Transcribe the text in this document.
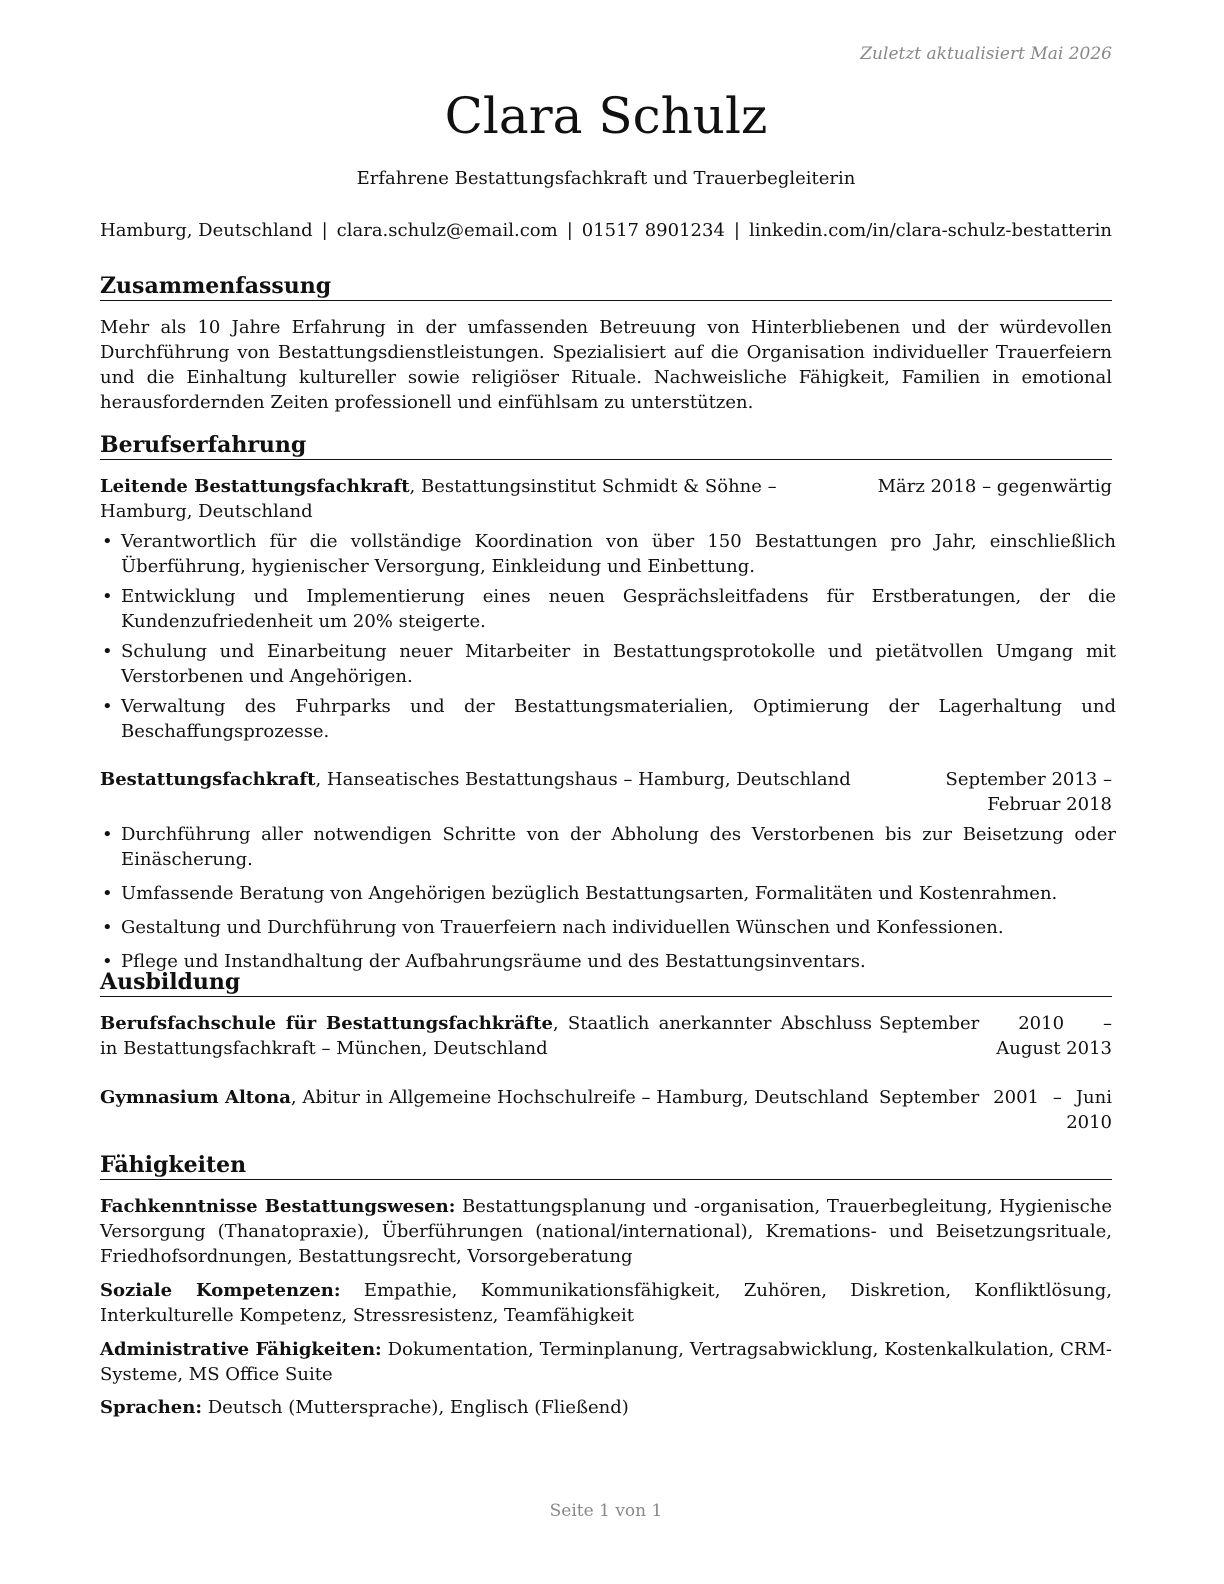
Zuletzt aktualisiert Mai 2026
Clara Schulz
Erfahrene Bestattungsfachkraft und Trauerbegleiterin
Hamburg, Deutschland | clara.schulz@email.com | 01517 8901234 | linkedin.com/in/clara-schulz-bestatterin
Zusammenfassung
Mehr als 10 Jahre Erfahrung in der umfassenden Betreuung von Hinterbliebenen und der würdevollen Durchführung von Bestattungsdienstleistungen. Spezialisiert auf die Organisation individueller Trauerfeiern und die Einhaltung kultureller sowie religiöser Rituale. Nachweisliche Fähigkeit, Familien in emotional herausfordernden Zeiten professionell und einfühlsam zu unterstützen.
Berufserfahrung
Leitende Bestattungsfachkraft, Bestattungsinstitut Schmidt & Söhne – Hamburg, Deutschland
März 2018 – gegenwärtig
• Verantwortlich für die vollständige Koordination von über 150 Bestattungen pro Jahr, einschließlich Überführung, hygienischer Versorgung, Einkleidung und Einbettung.
• Entwicklung und Implementierung eines neuen Gesprächsleitfadens für Erstberatungen, der die Kundenzufriedenheit um 20% steigerte.
• Schulung und Einarbeitung neuer Mitarbeiter in Bestattungsprotokolle und pietätvollen Umgang mit Verstorbenen und Angehörigen.
• Verwaltung des Fuhrparks und der Bestattungsmaterialien, Optimierung der Lagerhaltung und Beschaffungsprozesse.
Bestattungsfachkraft, Hanseatisches Bestattungshaus – Hamburg, Deutschland	September 2013 – Februar 2018
• Durchführung aller notwendigen Schritte von der Abholung des Verstorbenen bis zur Beisetzung oder Einäscherung.
• Umfassende Beratung von Angehörigen bezüglich Bestattungsarten, Formalitäten und Kostenrahmen.
• Gestaltung und Durchführung von Trauerfeiern nach individuellen Wünschen und Konfessionen.
• Pflege und Instandhaltung der Aufbahrungsräume und des Bestattungsinventars.
Ausbildung
Berufsfachschule für Bestattungsfachkräfte, Staatlich anerkannter Abschluss in Bestattungsfachkraft – München, Deutschland
September 2010 – August 2013
Gymnasium Altona, Abitur in Allgemeine Hochschulreife – Hamburg, Deutschland September 2001 – Juni 2010
Fähigkeiten
Fachkenntnisse Bestattungswesen: Bestattungsplanung und -organisation, Trauerbegleitung, Hygienische Versorgung (Thanatopraxie), Überführungen (national/international), Kremations- und Beisetzungsrituale, Friedhofsordnungen, Bestattungsrecht, Vorsorgeberatung
Soziale Kompetenzen: Empathie, Kommunikationsfähigkeit, Zuhören, Diskretion, Konfliktlösung, Interkulturelle Kompetenz, Stressresistenz, Teamfähigkeit
Administrative Fähigkeiten: Dokumentation, Terminplanung, Vertragsabwicklung, Kostenkalkulation, CRM-Systeme, MS Office Suite
Sprachen: Deutsch (Muttersprache), Englisch (Fließend)
Seite 1 von 1
